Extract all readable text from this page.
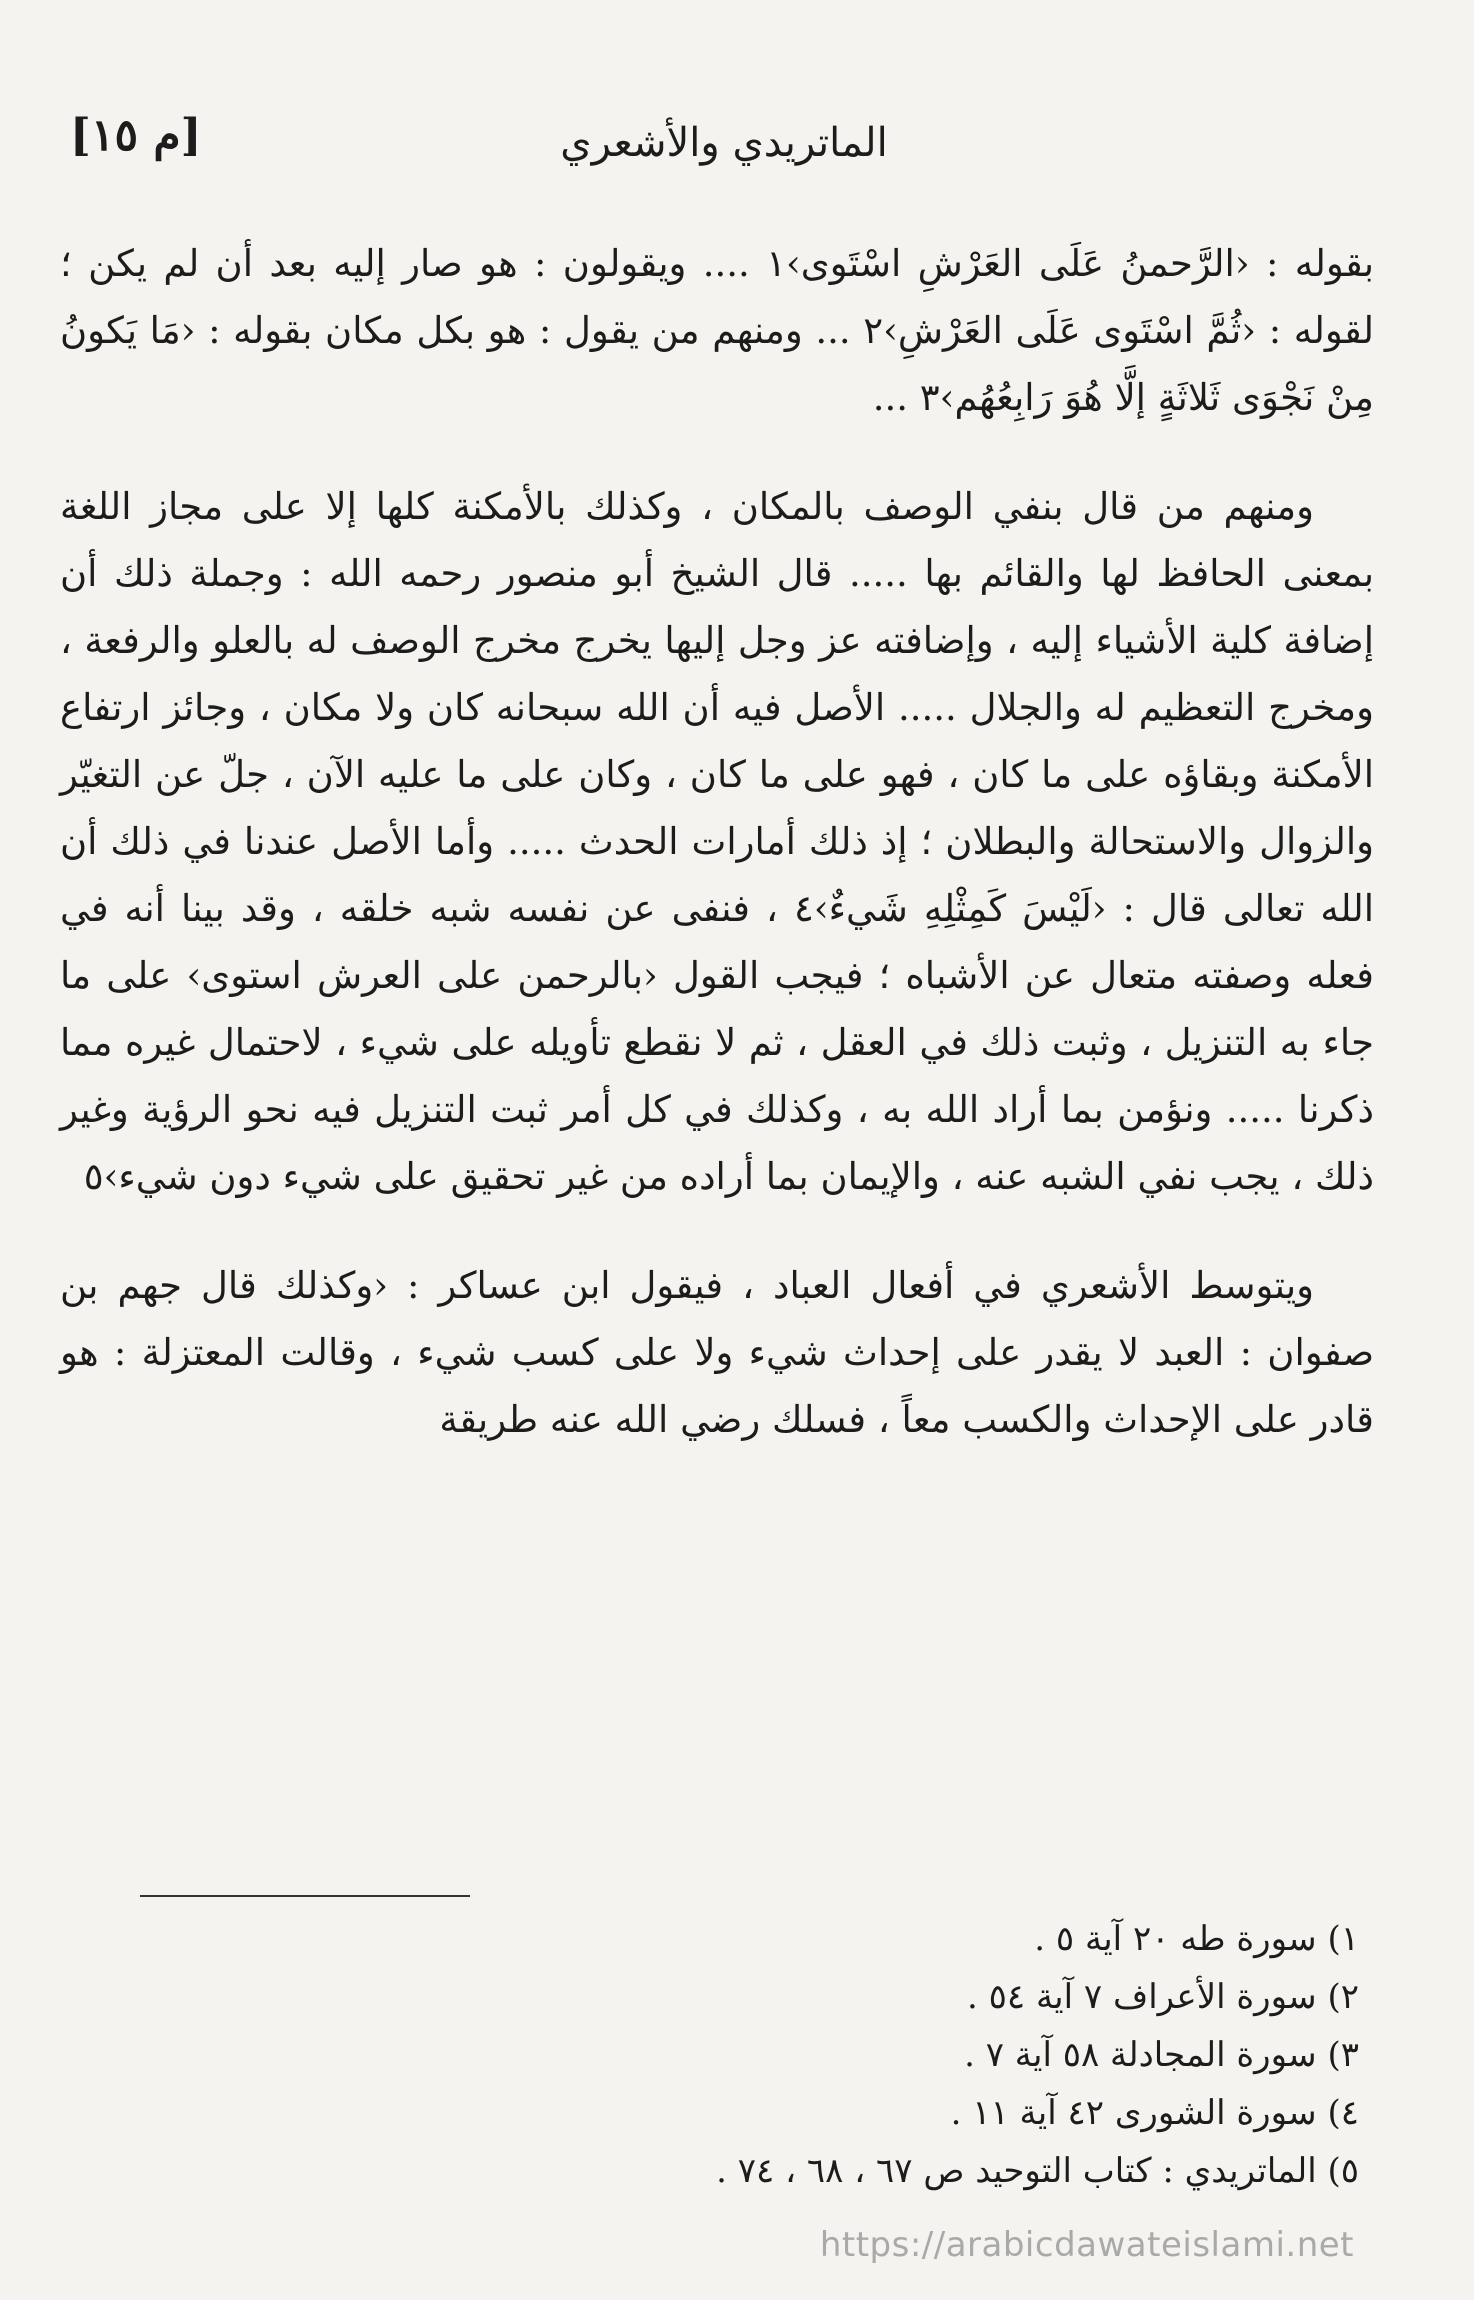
الماتريدي والأشعري
[م ١٥]

بقوله : ‹الرَّحمنُ عَلَى العَرْشِ اسْتَوى›١ .... ويقولون : هو صار إليه بعد أن لم يكن ؛ لقوله : ‹ثُمَّ اسْتَوى عَلَى العَرْشِ›٢ ... ومنهم من يقول : هو بكل مكان بقوله : ‹مَا يَكونُ مِنْ نَجْوَى ثَلاثَةٍ إلَّا هُوَ رَابِعُهُم›٣ ...

ومنهم من قال بنفي الوصف بالمكان ، وكذلك بالأمكنة كلها إلا على مجاز اللغة بمعنى الحافظ لها والقائم بها ..... قال الشيخ أبو منصور رحمه الله : وجملة ذلك أن إضافة كلية الأشياء إليه ، وإضافته عز وجل إليها يخرج مخرج الوصف له بالعلو والرفعة ، ومخرج التعظيم له والجلال ..... الأصل فيه أن الله سبحانه كان ولا مكان ، وجائز ارتفاع الأمكنة وبقاؤه على ما كان ، فهو على ما كان ، وكان على ما عليه الآن ، جلّ عن التغيّر والزوال والاستحالة والبطلان ؛ إذ ذلك أمارات الحدث ..... وأما الأصل عندنا في ذلك أن الله تعالى قال : ‹لَيْسَ كَمِثْلِهِ شَيءٌ›٤ ، فنفى عن نفسه شبه خلقه ، وقد بينا أنه في فعله وصفته متعال عن الأشباه ؛ فيجب القول ‹بالرحمن على العرش استوى› على ما جاء به التنزيل ، وثبت ذلك في العقل ، ثم لا نقطع تأويله على شيء ، لاحتمال غيره مما ذكرنا ..... ونؤمن بما أراد الله به ، وكذلك في كل أمر ثبت التنزيل فيه نحو الرؤية وغير ذلك ، يجب نفي الشبه عنه ، والإيمان بما أراده من غير تحقيق على شيء دون شيء›٥

ويتوسط الأشعري في أفعال العباد ، فيقول ابن عساكر : ‹وكذلك قال جهم بن صفوان : العبد لا يقدر على إحداث شيء ولا على كسب شيء ، وقالت المعتزلة : هو قادر على الإحداث والكسب معاً ، فسلك رضي الله عنه طريقة

١) سورة طه ٢٠ آية ٥ .
٢) سورة الأعراف ٧ آية ٥٤ .
٣) سورة المجادلة ٥٨ آية ٧ .
٤) سورة الشورى ٤٢ آية ١١ .
٥) الماتريدي : كتاب التوحيد ص ٦٧ ، ٦٨ ، ٧٤ .
https://arabicdawateislami.net
